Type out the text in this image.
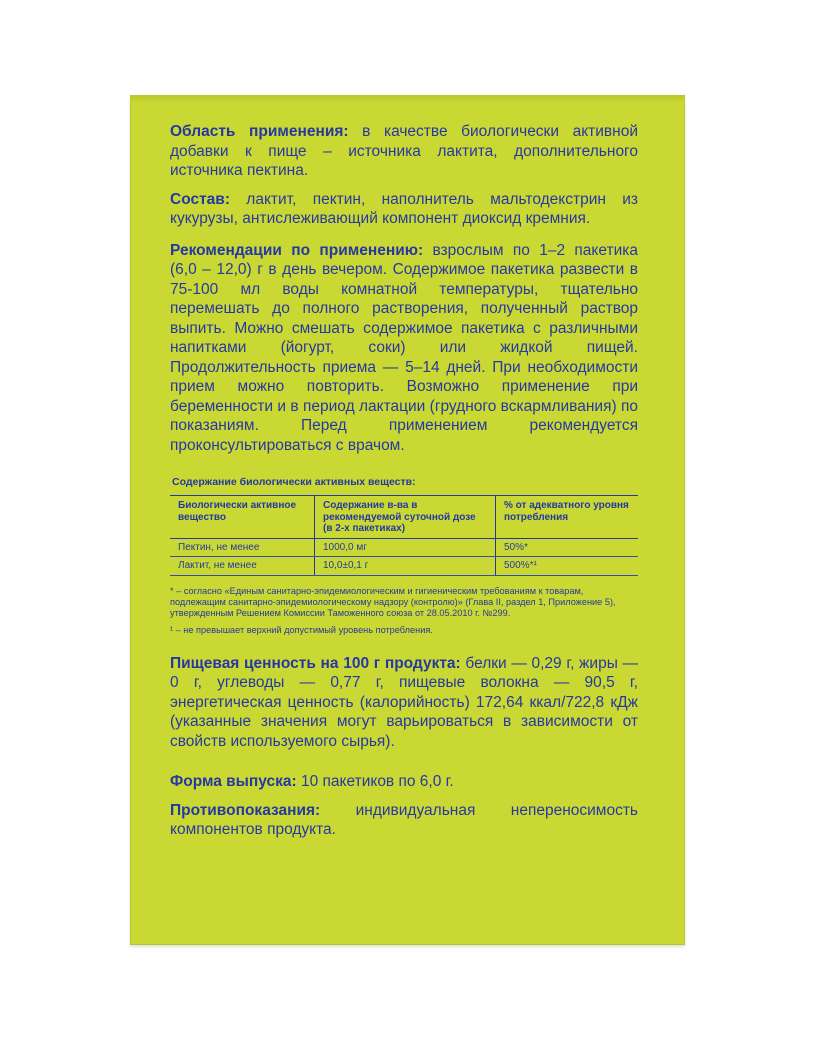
Область применения: в качестве биологически активной добавки к пище – источника лактита, дополнительного источника пектина.

Состав: лактит, пектин, наполнитель мальтодекстрин из кукурузы, антислеживающий компонент диоксид кремния.

Рекомендации по применению: взрослым по 1–2 пакетика (6,0 – 12,0) г в день вечером. Содержимое пакетика развести в 75-100 мл воды комнатной температуры, тщательно перемешать до полного растворения, полученный раствор выпить. Можно смешать содержимое пакетика с различными напитками (йогурт, соки) или жидкой пищей. Продолжительность приема — 5–14 дней. При необходимости прием можно повторить. Возможно применение при беременности и в период лактации (грудного вскармливания) по показаниям. Перед применением рекомендуется проконсультироваться с врачом.

Содержание биологически активных веществ:
Биологически активное вещество	Содержание в-ва в рекомендуемой суточной дозе (в 2-х пакетиках)	% от адекватного уровня потребления
Пектин, не менее	1000,0 мг	50%*
Лактит, не менее	10,0±0,1 г	500%*¹

* – согласно «Единым санитарно-эпидемиологическим и гигиеническим требованиям к товарам, подлежащим санитарно-эпидемиологическому надзору (контролю)» (Глава II, раздел 1, Приложение 5), утвержденным Решением Комиссии Таможенного союза от 28.05.2010 г. №299.

¹ – не превышает верхний допустимый уровень потребления.

Пищевая ценность на 100 г продукта: белки — 0,29 г, жиры — 0 г, углеводы — 0,77 г, пищевые волокна — 90,5 г, энергетическая ценность (калорийность) 172,64 ккал/722,8 кДж (указанные значения могут варьироваться в зависимости от свойств используемого сырья).

Форма выпуска: 10 пакетиков по 6,0 г.

Противопоказания: индивидуальная непереносимость компонентов продукта.
